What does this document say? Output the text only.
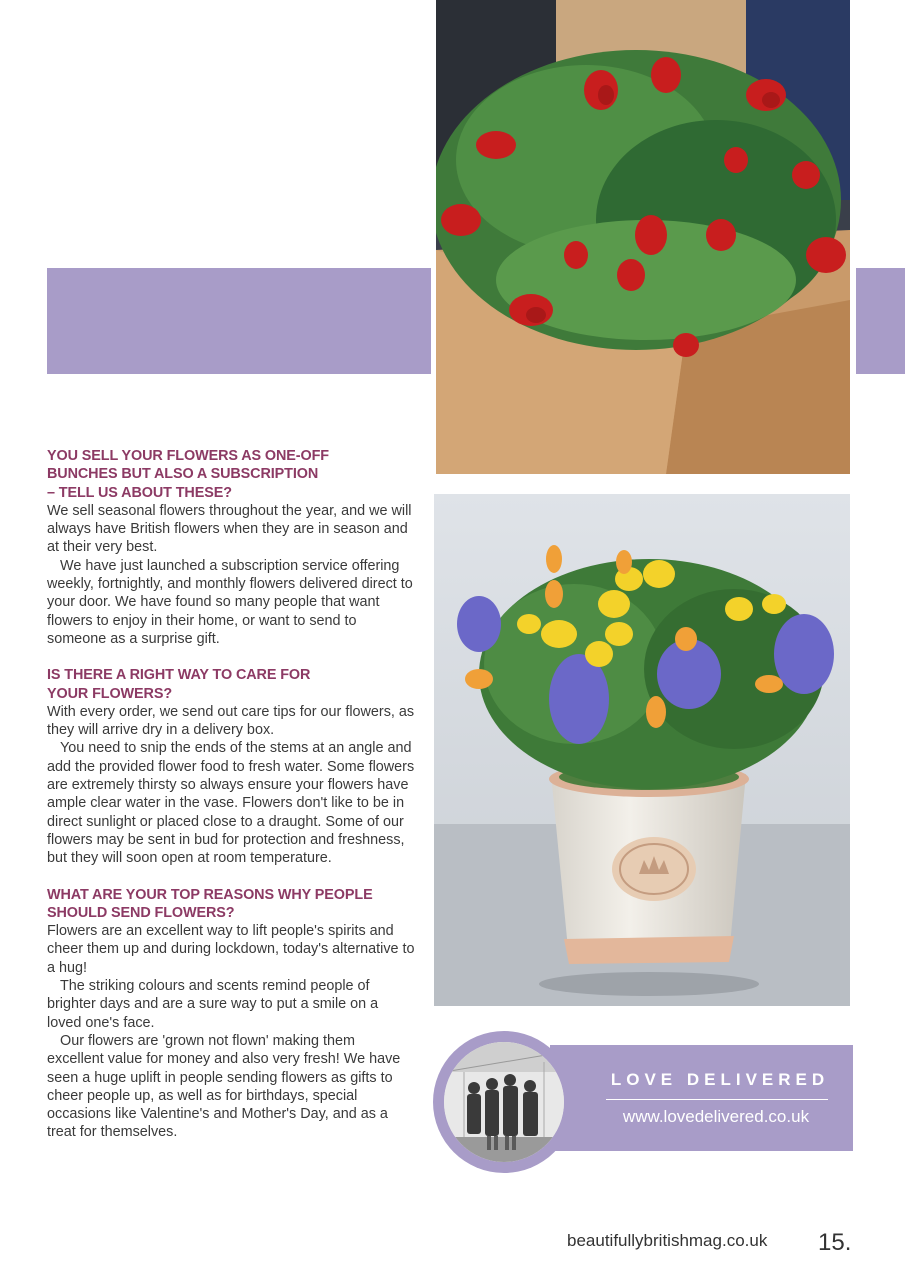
YOU SELL YOUR FLOWERS AS ONE-OFF
BUNCHES BUT ALSO A SUBSCRIPTION
– TELL US ABOUT THESE?

We sell seasonal flowers throughout the year, and we will always have British flowers when they are in season and at their very best.

We have just launched a subscription service offering weekly, fortnightly, and monthly flowers delivered direct to your door. We have found so many people that want flowers to enjoy in their home, or want to send to someone as a surprise gift.

IS THERE A RIGHT WAY TO CARE FOR
YOUR FLOWERS?

With every order, we send out care tips for our flowers, as they will arrive dry in a delivery box.

You need to snip the ends of the stems at an angle and add the provided flower food to fresh water. Some flowers are extremely thirsty so always ensure your flowers have ample clear water in the vase. Flowers don't like to be in direct sunlight or placed close to a draught. Some of our flowers may be sent in bud for protection and freshness, but they will soon open at room temperature.

WHAT ARE YOUR TOP REASONS WHY PEOPLE
SHOULD SEND FLOWERS?

Flowers are an excellent way to lift people's spirits and cheer them up and during lockdown, today's alternative to a hug!

The striking colours and scents remind people of brighter days and are a sure way to put a smile on a loved one's face.

Our flowers are 'grown not flown' making them excellent value for money and also very fresh! We have seen a huge uplift in people sending flowers as gifts to cheer people up, as well as for birthdays, special occasions like Valentine's and Mother's Day, and as a treat for themselves.

LOVE DELIVERED
www.lovedelivered.co.uk
beautifullybritishmag.co.uk 15.
